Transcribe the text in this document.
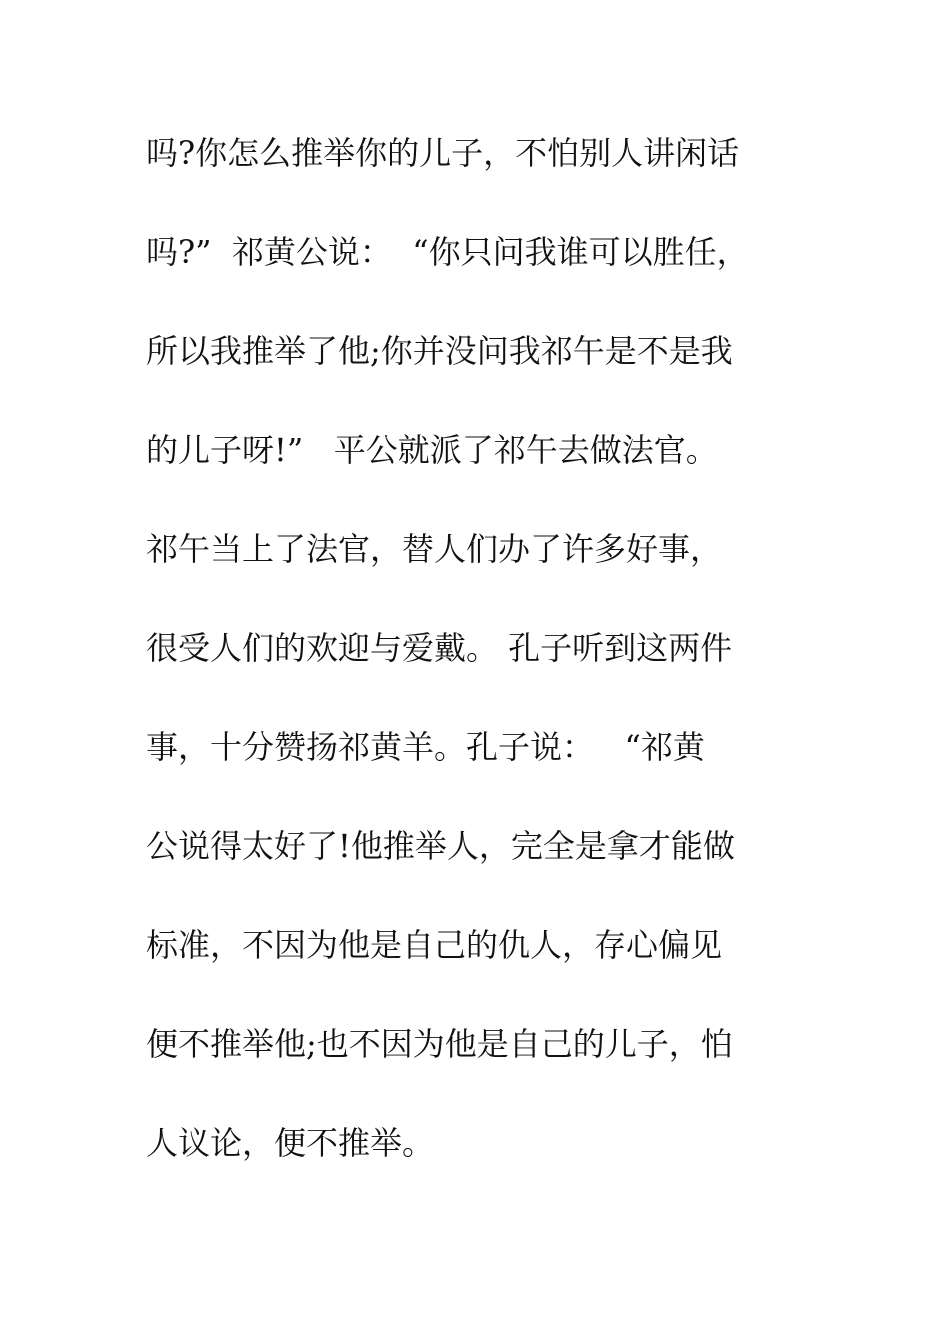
吗?你怎么推举你的儿子，不怕别人讲闲话
吗?”  祁黄公说：  “你只问我谁可以胜任，
所以我推举了他;你并没问我祁午是不是我
的儿子呀!”   平公就派了祁午去做法官。
祁午当上了法官，替人们办了许多好事，
很受人们的欢迎与爱戴。 孔子听到这两件
事，十分赞扬祁黄羊。孔子说：   “祁黄
公说得太好了!他推举人，完全是拿才能做
标准，不因为他是自己的仇人，存心偏见
便不推举他;也不因为他是自己的儿子，怕
人议论，便不推举。
